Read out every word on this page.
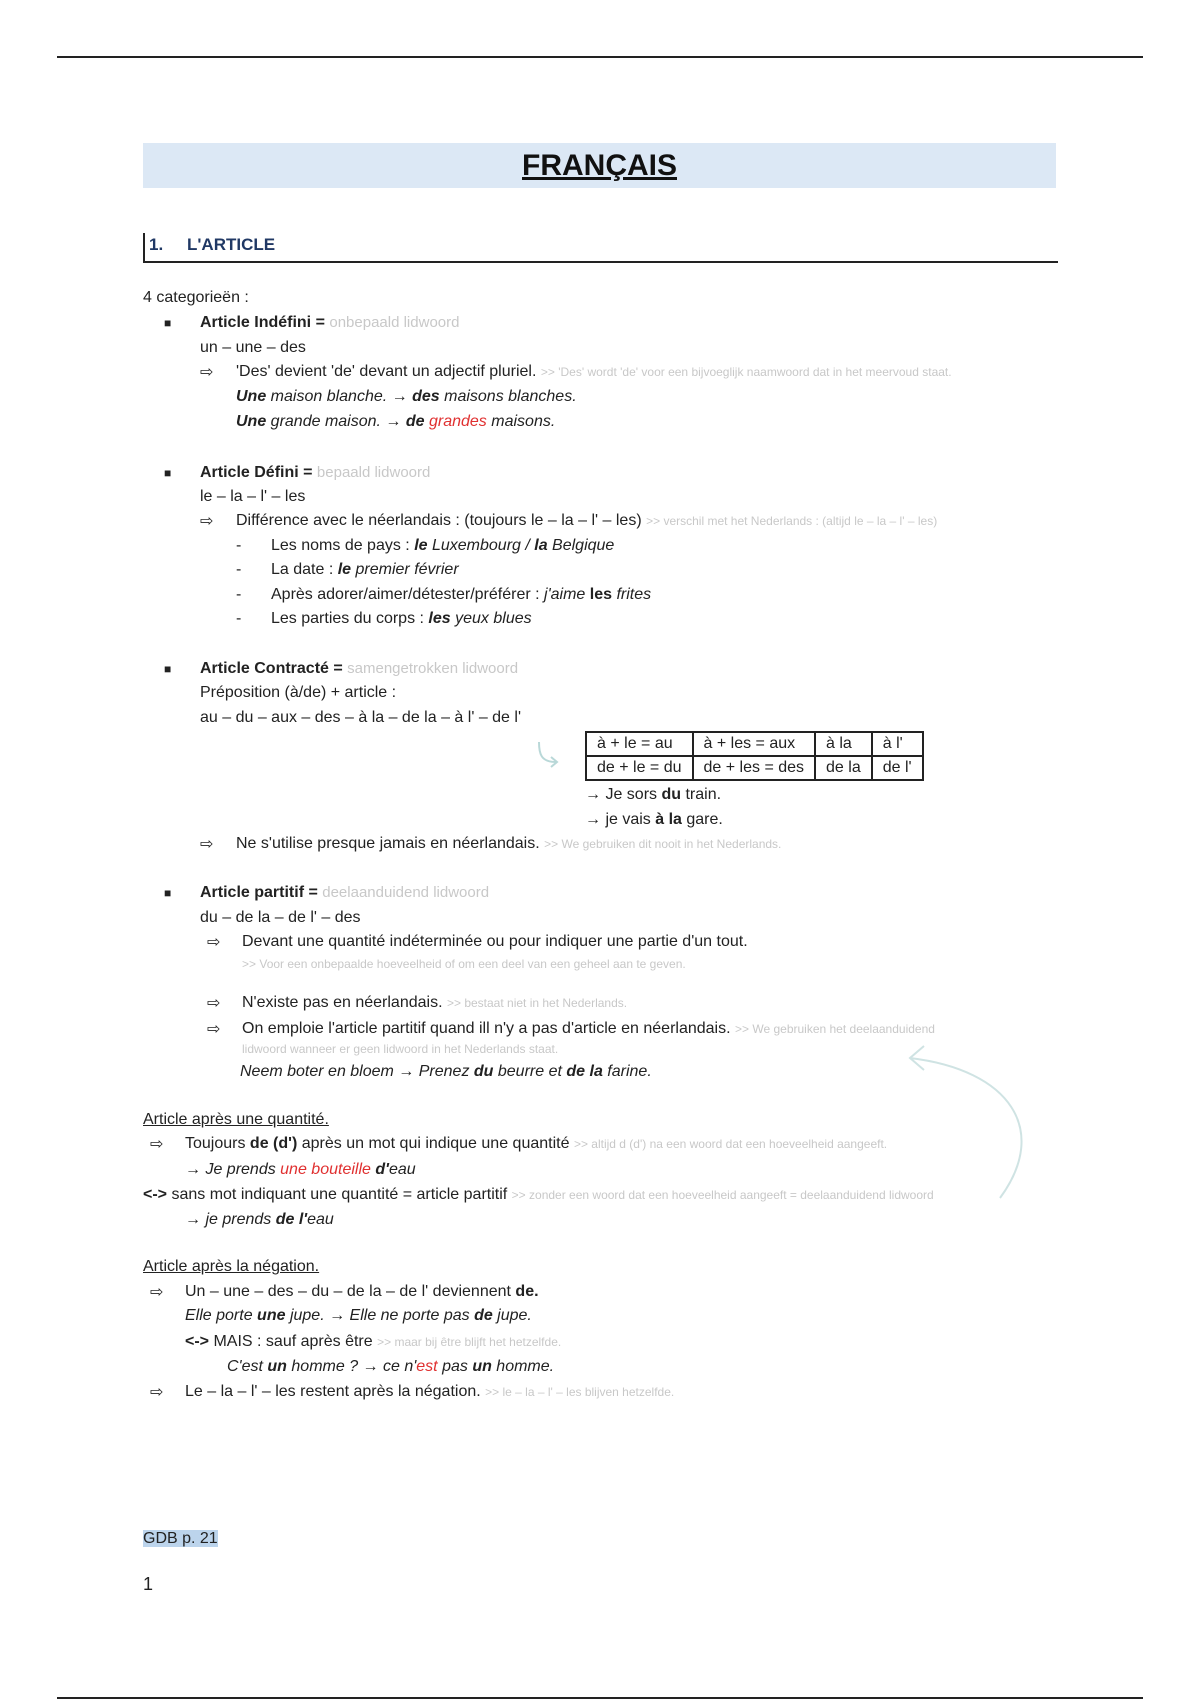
FRANÇAIS
1. L'ARTICLE
4 categorieën :
■ Article Indéfini = onbepaald lidwoord
un – une – des
⇨ 'Des' devient 'de' devant un adjectif pluriel. >> 'Des' wordt 'de' voor een bijvoeglijk naamwoord dat in het meervoud staat.
Une maison blanche. → des maisons blanches.
Une grande maison. → de grandes maisons.
■ Article Défini = bepaald lidwoord
le – la – l' – les
⇨ Différence avec le néerlandais : (toujours le – la – l' – les) >> verschil met het Nederlands : (altijd le – la – l' – les)
- Les noms de pays : le Luxembourg / la Belgique
- La date : le premier février
- Après adorer/aimer/détester/préférer : j'aime les frites
- Les parties du corps : les yeux blues
■ Article Contracté = samengetrokken lidwoord
Préposition (à/de) + article :
au – du – aux – des – à la – de la – à l' – de l'
à + le = au	à + les = aux	à la	à l'
de + le = du	de + les = des	de la	de l'
→ Je sors du train.
→ je vais à la gare.
⇨ Ne s'utilise presque jamais en néerlandais. >> We gebruiken dit nooit in het Nederlands.
■ Article partitif = deelaanduidend lidwoord
du – de la – de l' – des
⇨ Devant une quantité indéterminée ou pour indiquer une partie d'un tout.
>> Voor een onbepaalde hoeveelheid of om een deel van een geheel aan te geven.
⇨ N'existe pas en néerlandais. >> bestaat niet in het Nederlands.
⇨ On emploie l'article partitif quand ill n'y a pas d'article en néerlandais. >> We gebruiken het deelaanduidend
lidwoord wanneer er geen lidwoord in het Nederlands staat.
Neem boter en bloem → Prenez du beurre et de la farine.
Article après une quantité.
⇨ Toujours de (d') après un mot qui indique une quantité >> altijd d (d') na een woord dat een hoeveelheid aangeeft.
→ Je prends une bouteille d'eau
<-> sans mot indiquant une quantité = article partitif >> zonder een woord dat een hoeveelheid aangeeft = deelaanduidend lidwoord
→ je prends de l'eau
Article après la négation.
⇨ Un – une – des – du – de la – de l' deviennent de.
Elle porte une jupe. → Elle ne porte pas de jupe.
<-> MAIS : sauf après être >> maar bij être blijft het hetzelfde.
C'est un homme ? → ce n'est pas un homme.
⇨ Le – la – l' – les restent après la négation. >> le – la – l' – les blijven hetzelfde.
GDB p. 21
1
